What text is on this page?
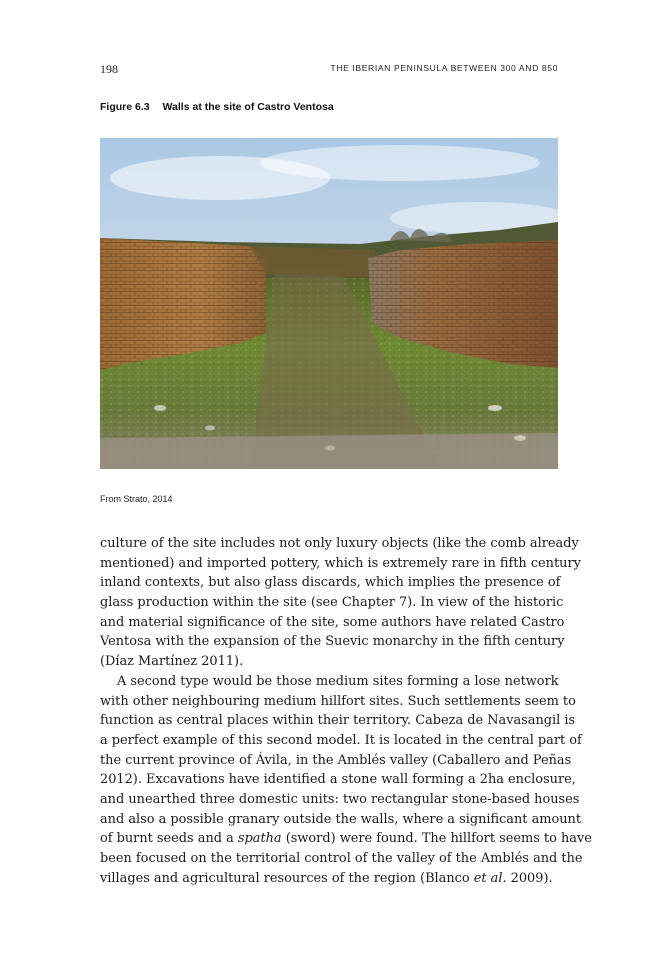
198	THE IBERIAN PENINSULA BETWEEN 300 AND 850
Figure 6.3 Walls at the site of Castro Ventosa
From Strato, 2014

culture of the site includes not only luxury objects (like the comb already
mentioned) and imported pottery, which is extremely rare in fifth century
inland contexts, but also glass discards, which implies the presence of
glass production within the site (see Chapter 7). In view of the historic
and material significance of the site, some authors have related Castro
Ventosa with the expansion of the Suevic monarchy in the fifth century
(Díaz Martínez 2011).

A second type would be those medium sites forming a lose network
with other neighbouring medium hillfort sites. Such settlements seem to
function as central places within their territory. Cabeza de Navasangil is
a perfect example of this second model. It is located in the central part of
the current province of Ávila, in the Amblés valley (Caballero and Peñas
2012). Excavations have identified a stone wall forming a 2ha enclosure,
and unearthed three domestic units: two rectangular stone-based houses
and also a possible granary outside the walls, where a significant amount
of burnt seeds and a spatha (sword) were found. The hillfort seems to have
been focused on the territorial control of the valley of the Amblés and the
villages and agricultural resources of the region (Blanco et al. 2009).
